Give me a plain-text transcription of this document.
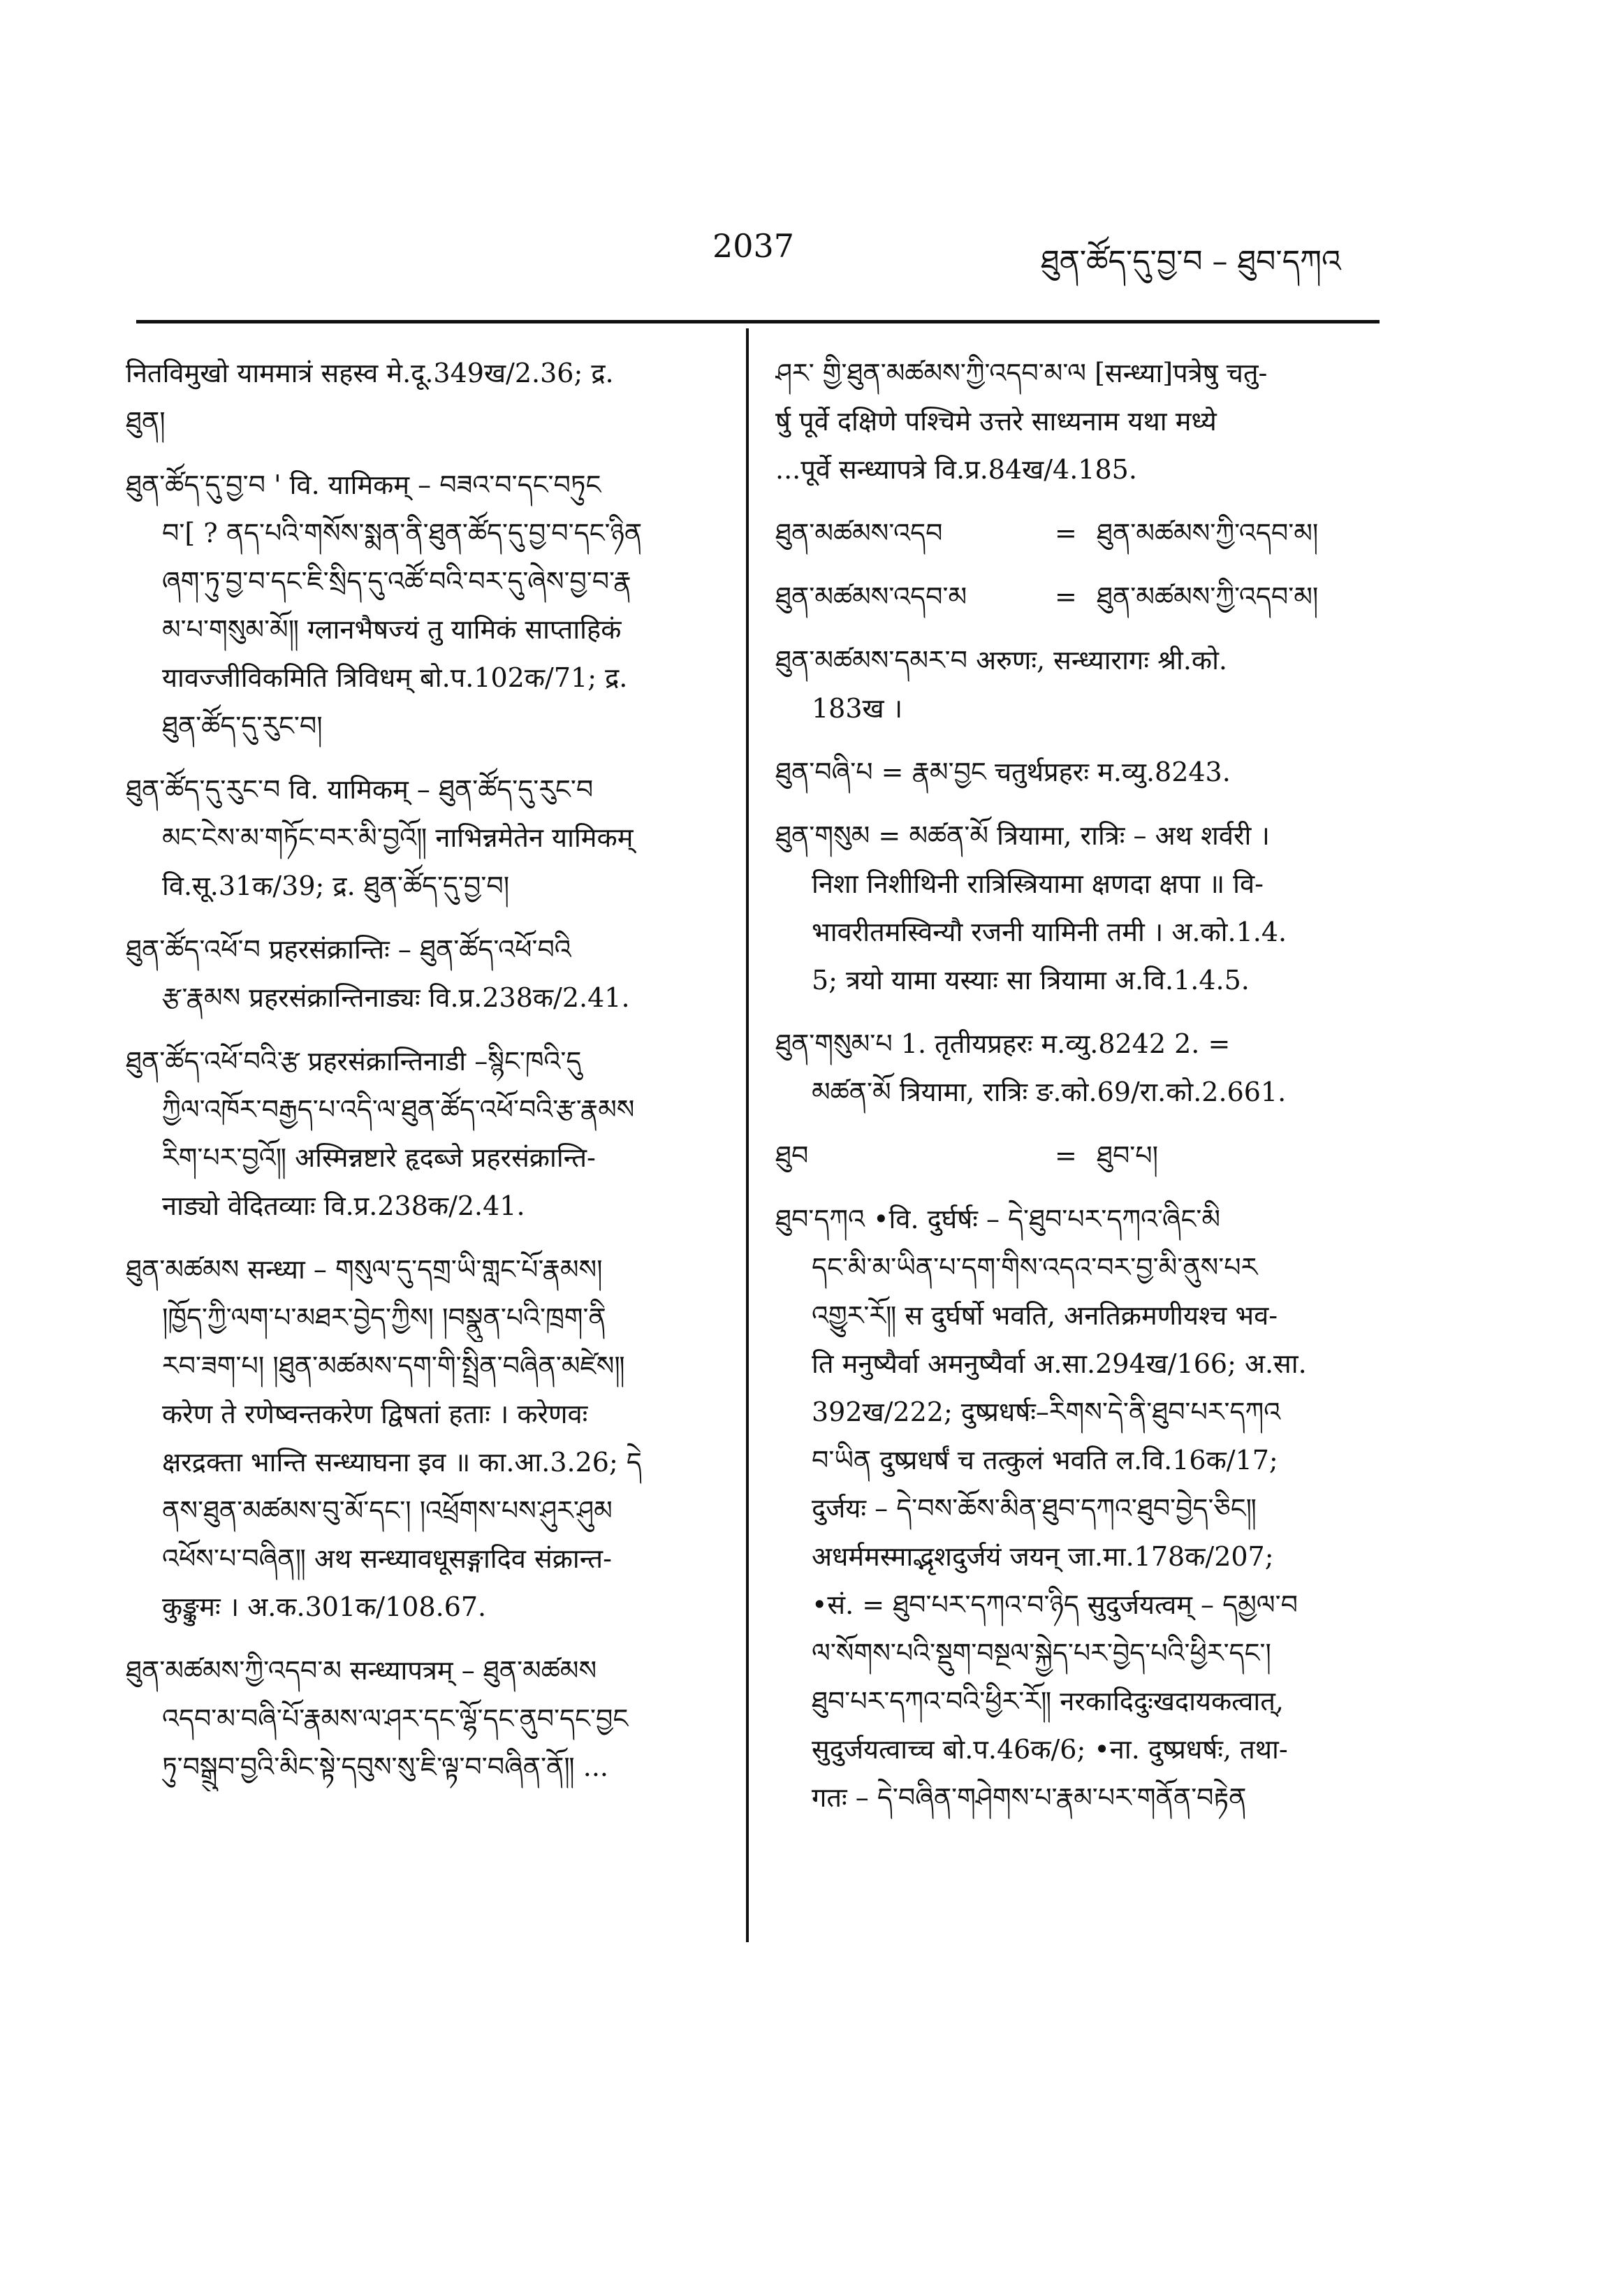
2037	ཐུན་ཚོད་དུ་བྱ་བ – ཐུབ་དཀའ
नितविमुखो याममात्रं सहस्व मे.दू.349ख/2.36; द्र.
ཐུན།
ཐུན་ཚོད་དུ་བྱ་བ ' वि. यामिकम् – བཟའ་བ་དང་བཏུང
བ་[ ? ནད་པའི་གསོས་སྨན་ནི་ཐུན་ཚོད་དུ་བྱ་བ་དང་ཉིན
ཞག་ཏུ་བྱ་བ་དང་ཇི་སྲིད་དུ་འཚོ་བའི་བར་དུ་ཞེས་བྱ་བ་རྣ
མ་པ་གསུམ་མོ༎ ग्लानभैषज्यं तु यामिकं साप्ताहिकं
यावज्जीविकमिति त्रिविधम् बो.प.102क/71; द्र.
ཐུན་ཚོད་དུ་རུང་བ།
ཐུན་ཚོད་དུ་རུང་བ वि. यामिकम् – ཐུན་ཚོད་དུ་རུང་བ
མང་ངེས་མ་གཏོང་བར་མི་བྱའོ༎ नाभिन्नमेतेन यामिकम्
वि.सू.31क/39; द्र. ཐུན་ཚོད་དུ་བྱ་བ།
ཐུན་ཚོད་འཕོ་བ प्रहरसंक्रान्तिः – ཐུན་ཚོད་འཕོ་བའི
རྩ་རྣམས प्रहरसंक्रान्तिनाड्यः वि.प्र.238क/2.41.
ཐུན་ཚོད་འཕོ་བའི་རྩ प्रहरसंक्रान्तिनाडी –སྙིང་ཁའི་དུ
ཀྱིལ་འཁོར་བརྒྱད་པ་འདི་ལ་ཐུན་ཚོད་འཕོ་བའི་རྩ་རྣམས
རིག་པར་བྱའོ༎ अस्मिन्नष्टारे हृदब्जे प्रहरसंक्रान्ति-
नाड्यो वेदितव्याः वि.प्र.238क/2.41.
ཐུན་མཚམས सन्ध्या – གསུལ་དུ་དགྲ་ཡི་གླང་པོ་རྣམས།
།ཁྱོད་ཀྱི་ལག་པ་མཐར་བྱེད་ཀྱིས། །བསྣུན་པའི་ཁྲག་ནི
རབ་ཟག་པ། །ཐུན་མཚམས་དག་གི་སྤྲིན་བཞིན་མཛེས༎
करेण ते रणेष्वन्तकरेण द्विषतां हताः । करेणवः
क्षरद्रक्ता भान्ति सन्ध्याघना इव ॥ का.आ.3.26; དེ
ནས་ཐུན་མཚམས་བུ་མོ་དང་། །འཕྲོགས་པས་ཤུར་ཤུམ
འཕོས་པ་བཞིན༎ अथ सन्ध्यावधूसङ्गादिव संक्रान्त-
कुङ्कुमः । अ.क.301क/108.67.
ཐུན་མཚམས་ཀྱི་འདབ་མ सन्ध्यापत्रम् – ཐུན་མཚམས
འདབ་མ་བཞི་པོ་རྣམས་ལ་ཤར་དང་ལྷོ་དང་ནུབ་དང་བྱང
ཏུ་བསྒྲུབ་བྱའི་མིང་སྟེ་དབུས་སུ་ཇི་ལྟ་བ་བཞིན་ནོ༎ ...
ཤར་ གྱི་ཐུན་མཚམས་ཀྱི་འདབ་མ་ལ [सन्ध्या]पत्रेषु चतु-
र्षु पूर्वे दक्षिणे पश्चिमे उत्तरे साध्यनाम यथा मध्ये
...पूर्वे सन्ध्यापत्रे वि.प्र.84ख/4.185.
ཐུན་མཚམས་འདབ	= ཐུན་མཚམས་ཀྱི་འདབ་མ།
ཐུན་མཚམས་འདབ་མ	= ཐུན་མཚམས་ཀྱི་འདབ་མ།
ཐུན་མཚམས་དམར་བ अरुणः, सन्ध्यारागः श्री.को.
183ख ।
ཐུན་བཞི་པ = རྣམ་བྱང चतुर्थप्रहरः म.व्यु.8243.
ཐུན་གསུམ = མཚན་མོ त्रियामा, रात्रिः – अथ शर्वरी ।
निशा निशीथिनी रात्रिस्त्रियामा क्षणदा क्षपा ॥ वि-
भावरीतमस्विन्यौ रजनी यामिनी तमी । अ.को.1.4.
5; त्रयो यामा यस्याः सा त्रियामा अ.वि.1.4.5.
ཐུན་གསུམ་པ 1. तृतीयप्रहरः म.व्यु.8242 2. =
མཚན་མོ त्रियामा, रात्रिः ङ.को.69/रा.को.2.661.
ཐུབ	= ཐུབ་པ།
ཐུབ་དཀའ •वि. दुर्घर्षः – དེ་ཐུབ་པར་དཀའ་ཞིང་མི
དང་མི་མ་ཡིན་པ་དག་གིས་འདའ་བར་བྱ་མི་ནུས་པར
འགྱུར་རོ༎ स दुर्घर्षो भवति, अनतिक्रमणीयश्च भव-
ति मनुष्यैर्वा अमनुष्यैर्वा अ.सा.294ख/166; अ.सा.
392ख/222; दुष्प्रधर्षः–རིགས་དེ་ནི་ཐུབ་པར་དཀའ
བ་ཡིན दुष्प्रधर्षं च तत्कुलं भवति ल.वि.16क/17;
दुर्जयः – དེ་བས་ཆོས་མིན་ཐུབ་དཀའ་ཐུབ་བྱེད་ཅིང༎
अधर्ममस्माद्भृशदुर्जयं जयन् जा.मा.178क/207;
•सं. = ཐུབ་པར་དཀའ་བ་ཉིད सुदुर्जयत्वम् – དམྱལ་བ
ལ་སོགས་པའི་སྡུག་བསྔལ་སྐྱེད་པར་བྱེད་པའི་ཕྱིར་དང་།
ཐུབ་པར་དཀའ་བའི་ཕྱིར་རོ༎ नरकादिदुःखदायकत्वात्,
सुदुर्जयत्वाच्च बो.प.46क/6; •ना. दुष्प्रधर्षः, तथा-
गतः – དེ་བཞིན་གཤེགས་པ་རྣམ་པར་གནོན་བརྟེན
